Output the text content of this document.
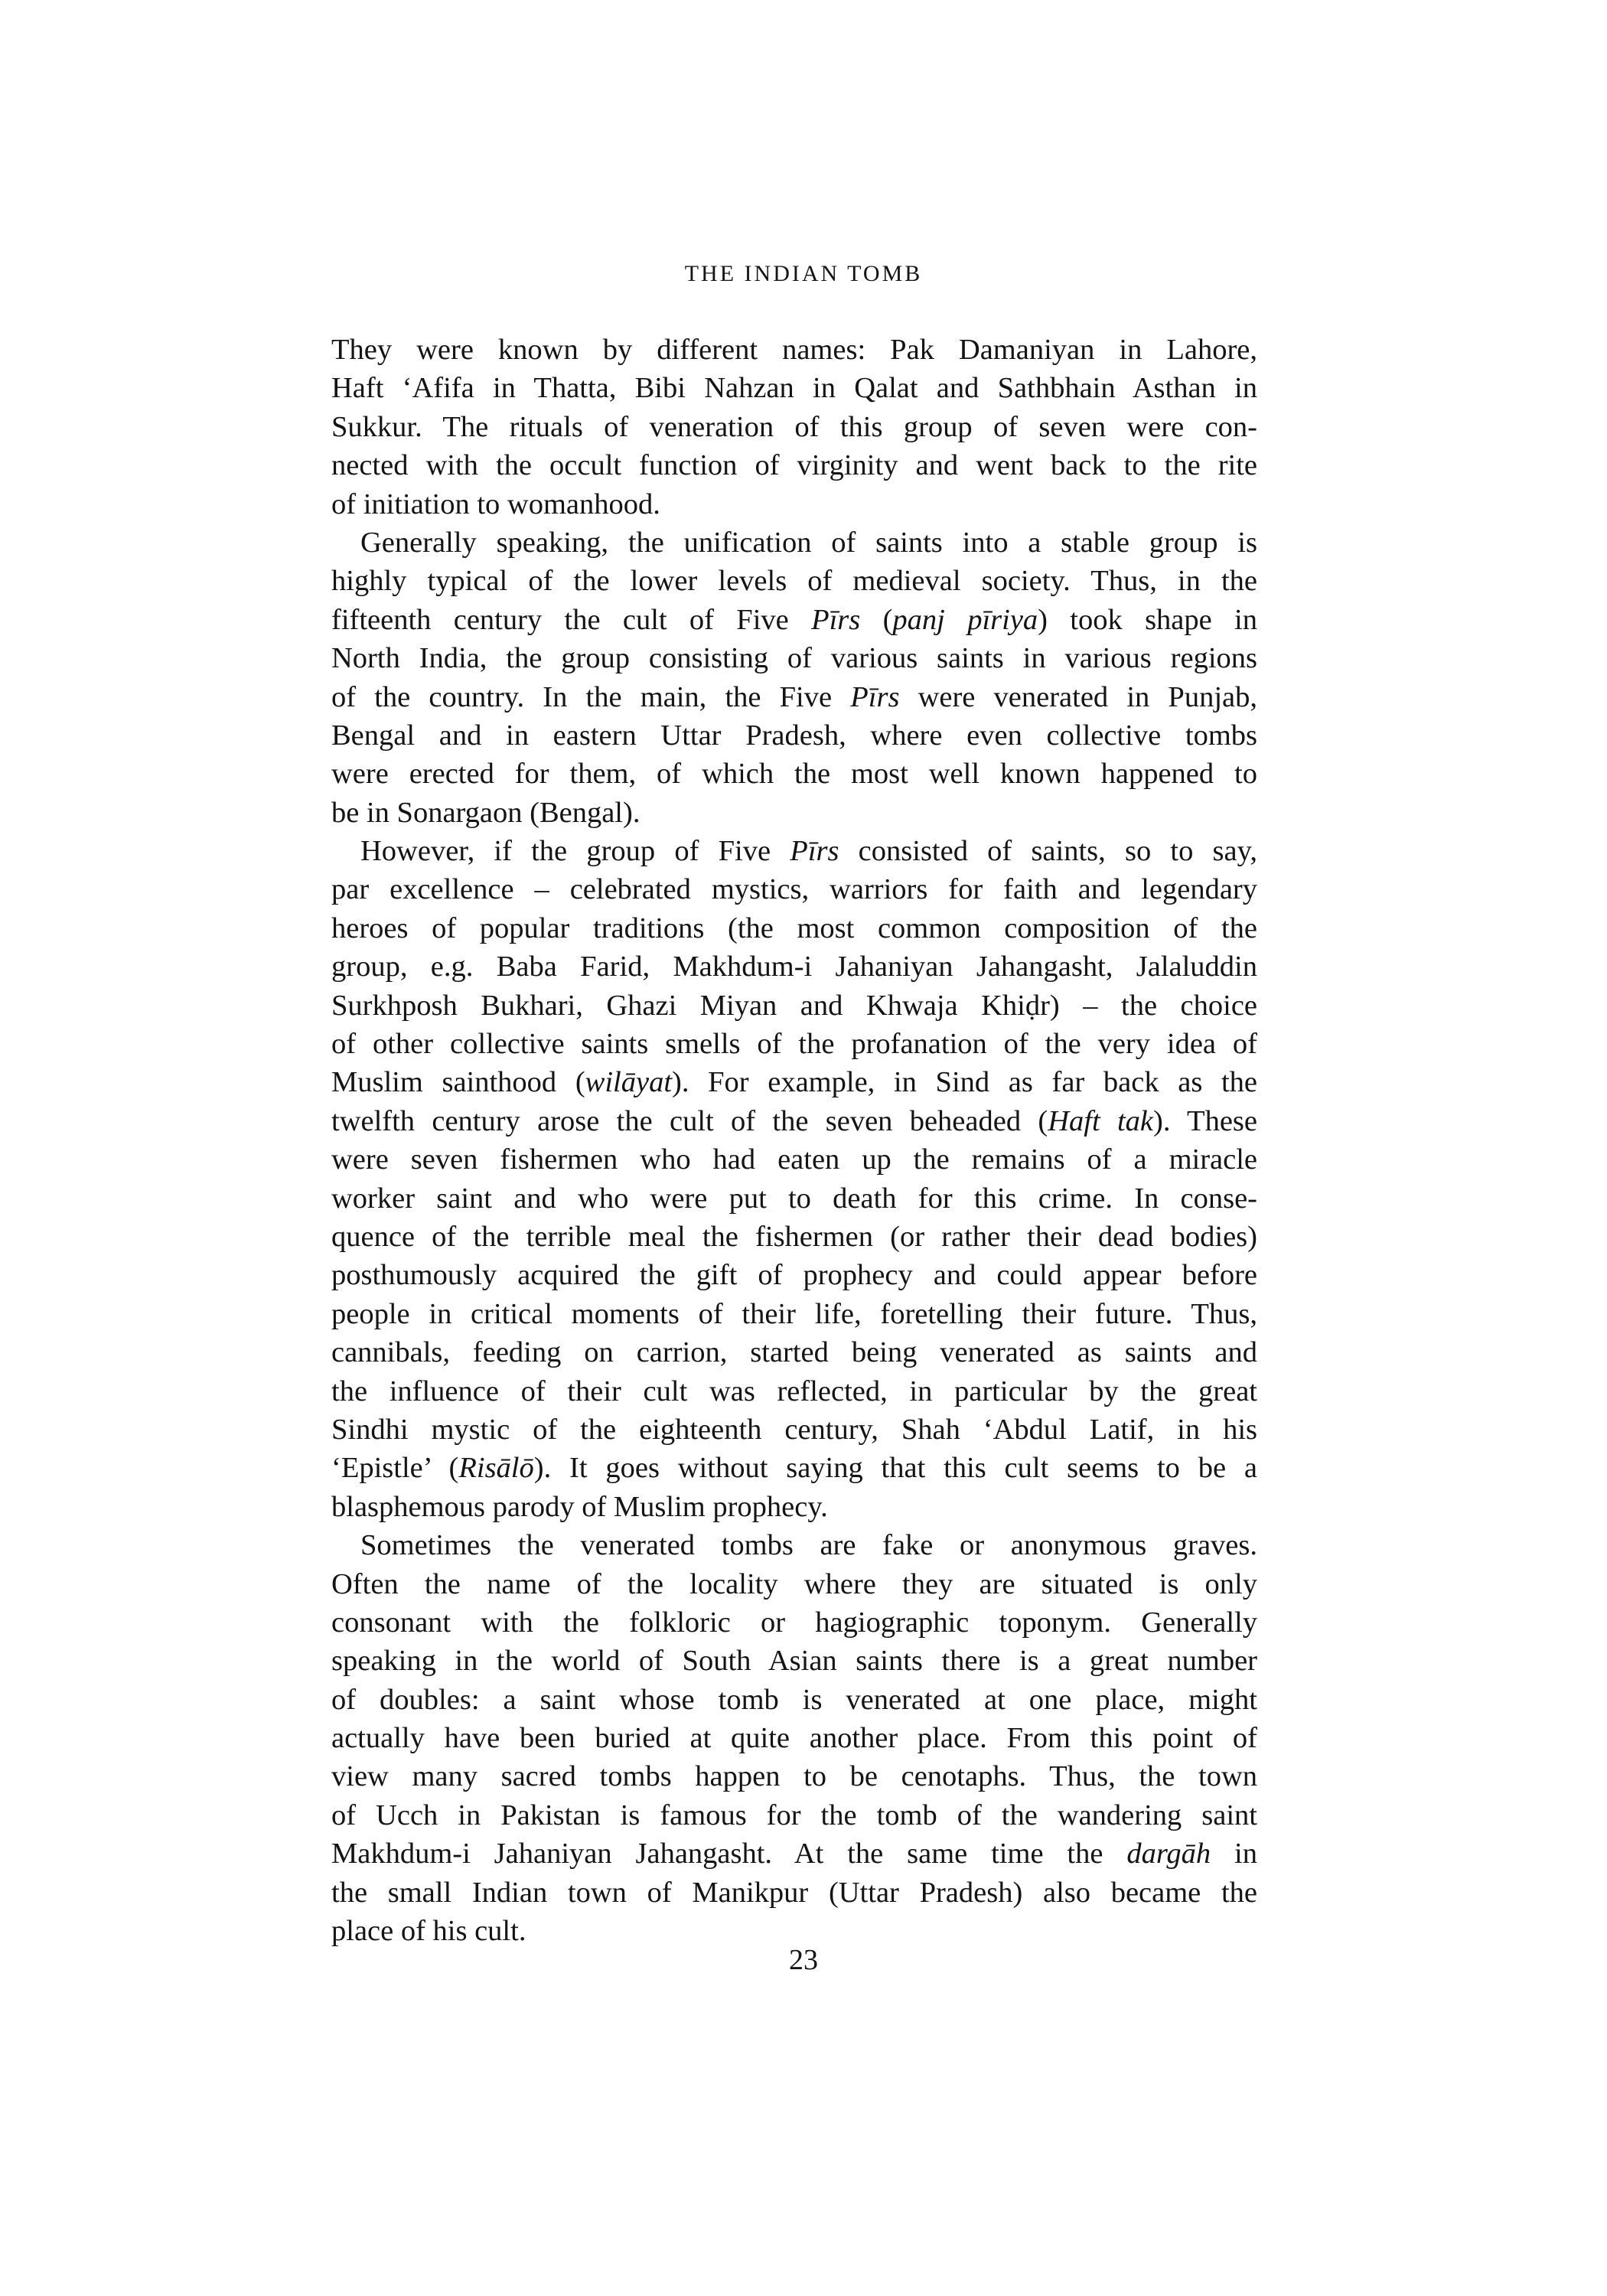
THE INDIAN TOMB
They were known by different names: Pak Damaniyan in Lahore,
Haft ‘Afifa in Thatta, Bibi Nahzan in Qalat and Sathbhain Asthan in
Sukkur. The rituals of veneration of this group of seven were con-
nected with the occult function of virginity and went back to the rite
of initiation to womanhood.
Generally speaking, the unification of saints into a stable group is
highly typical of the lower levels of medieval society. Thus, in the
fifteenth century the cult of Five Pīrs (panj pīriya) took shape in
North India, the group consisting of various saints in various regions
of the country. In the main, the Five Pīrs were venerated in Punjab,
Bengal and in eastern Uttar Pradesh, where even collective tombs
were erected for them, of which the most well known happened to
be in Sonargaon (Bengal).
However, if the group of Five Pīrs consisted of saints, so to say,
par excellence – celebrated mystics, warriors for faith and legendary
heroes of popular traditions (the most common composition of the
group, e.g. Baba Farid, Makhdum-i Jahaniyan Jahangasht, Jalaluddin
Surkhposh Bukhari, Ghazi Miyan and Khwaja Khiḍr) – the choice
of other collective saints smells of the profanation of the very idea of
Muslim sainthood (wilāyat). For example, in Sind as far back as the
twelfth century arose the cult of the seven beheaded (Haft tak). These
were seven fishermen who had eaten up the remains of a miracle
worker saint and who were put to death for this crime. In conse-
quence of the terrible meal the fishermen (or rather their dead bodies)
posthumously acquired the gift of prophecy and could appear before
people in critical moments of their life, foretelling their future. Thus,
cannibals, feeding on carrion, started being venerated as saints and
the influence of their cult was reflected, in particular by the great
Sindhi mystic of the eighteenth century, Shah ‘Abdul Latif, in his
‘Epistle’ (Risālō). It goes without saying that this cult seems to be a
blasphemous parody of Muslim prophecy.
Sometimes the venerated tombs are fake or anonymous graves.
Often the name of the locality where they are situated is only
consonant with the folkloric or hagiographic toponym. Generally
speaking in the world of South Asian saints there is a great number
of doubles: a saint whose tomb is venerated at one place, might
actually have been buried at quite another place. From this point of
view many sacred tombs happen to be cenotaphs. Thus, the town
of Ucch in Pakistan is famous for the tomb of the wandering saint
Makhdum-i Jahaniyan Jahangasht. At the same time the dargāh in
the small Indian town of Manikpur (Uttar Pradesh) also became the
place of his cult.
23
